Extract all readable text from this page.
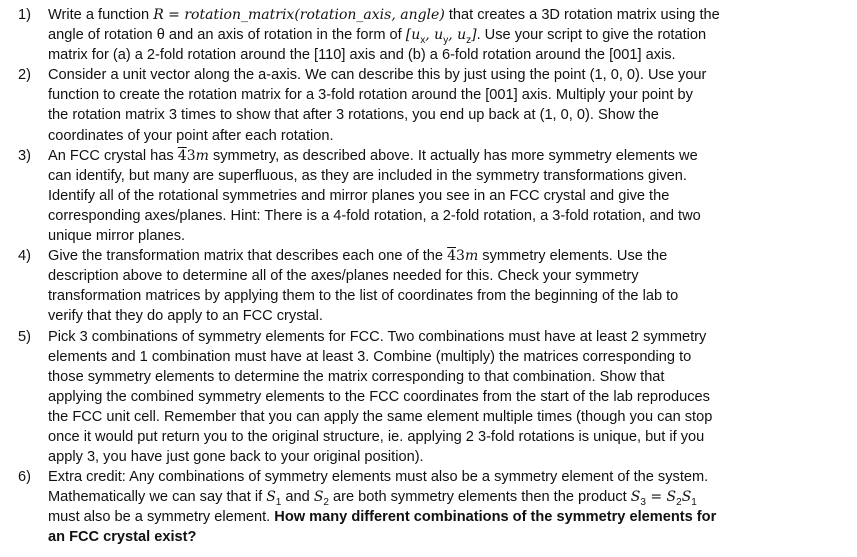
1)	Write a function R = rotation_matrix(rotation_axis, angle) that creates a 3D rotation matrix using the
angle of rotation θ and an axis of rotation in the form of [$u_x$, $u_y$, $u_z$]. Use your script to give the rotation
matrix for (a) a 2-fold rotation around the [110] axis and (b) a 6-fold rotation around the [001] axis.
2)	Consider a unit vector along the a-axis. We can describe this by just using the point (1, 0, 0). Use your
function to create the rotation matrix for a 3-fold rotation around the [001] axis. Multiply your point by
the rotation matrix 3 times to show that after 3 rotations, you end up back at (1, 0, 0). Show the
coordinates of your point after each rotation.
3)	An FCC crystal has 43m symmetry, as described above. It actually has more symmetry elements we
can identify, but many are superfluous, as they are included in the symmetry transformations given.
Identify all of the rotational symmetries and mirror planes you see in an FCC crystal and give the
corresponding axes/planes. Hint: There is a 4-fold rotation, a 2-fold rotation, a 3-fold rotation, and two
unique mirror planes.
4)	Give the transformation matrix that describes each one of the 43m symmetry elements. Use the
description above to determine all of the axes/planes needed for this. Check your symmetry
transformation matrices by applying them to the list of coordinates from the beginning of the lab to
verify that they do apply to an FCC crystal.
5)	Pick 3 combinations of symmetry elements for FCC. Two combinations must have at least 2 symmetry
elements and 1 combination must have at least 3. Combine (multiply) the matrices corresponding to
those symmetry elements to determine the matrix corresponding to that combination. Show that
applying the combined symmetry elements to the FCC coordinates from the start of the lab reproduces
the FCC unit cell. Remember that you can apply the same element multiple times (though you can stop
once it would put return you to the original structure, ie. applying 2 3-fold rotations is unique, but if you
apply 3, you have just gone back to your original position).
6)	Extra credit: Any combinations of symmetry elements must also be a symmetry element of the system.
Mathematically we can say that if $S_1$ and $S_2$ are both symmetry elements then the product $S_3 = S_2S_1$
must also be a symmetry element. How many different combinations of the symmetry elements for
an FCC crystal exist?
